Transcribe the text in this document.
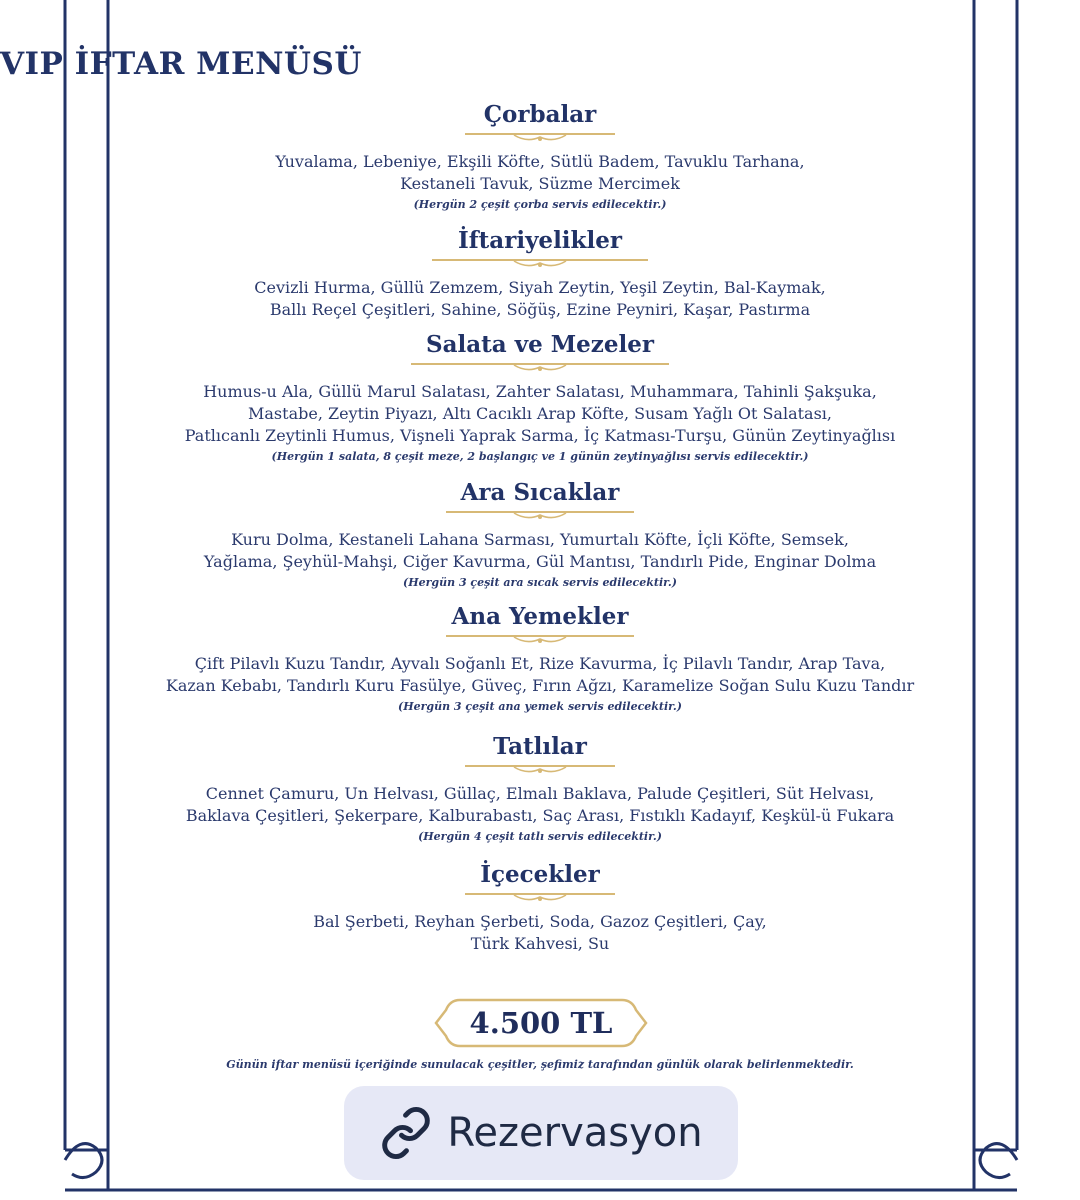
VIP İFTAR MENÜSÜ
Çorbalar
Yuvalama, Lebeniye, Ekşili Köfte, Sütlü Badem, Tavuklu Tarhana,
Kestaneli Tavuk, Süzme Mercimek
(Hergün 2 çeşit çorba servis edilecektir.)
İftariyelikler
Cevizli Hurma, Güllü Zemzem, Siyah Zeytin, Yeşil Zeytin, Bal-Kaymak,
Ballı Reçel Çeşitleri, Sahine, Söğüş, Ezine Peyniri, Kaşar, Pastırma
Salata ve Mezeler
Humus-u Ala, Güllü Marul Salatası, Zahter Salatası, Muhammara, Tahinli Şakşuka,
Mastabe, Zeytin Piyazı, Altı Cacıklı Arap Köfte, Susam Yağlı Ot Salatası,
Patlıcanlı Zeytinli Humus, Vişneli Yaprak Sarma, İç Katması-Turşu, Günün Zeytinyağlısı
(Hergün 1 salata, 8 çeşit meze, 2 başlangıç ve 1 günün zeytinyağlısı servis edilecektir.)
Ara Sıcaklar
Kuru Dolma, Kestaneli Lahana Sarması, Yumurtalı Köfte, İçli Köfte, Semsek,
Yağlama, Şeyhül-Mahşi, Ciğer Kavurma, Gül Mantısı, Tandırlı Pide, Enginar Dolma
(Hergün 3 çeşit ara sıcak servis edilecektir.)
Ana Yemekler
Çift Pilavlı Kuzu Tandır, Ayvalı Soğanlı Et, Rize Kavurma, İç Pilavlı Tandır, Arap Tava,
Kazan Kebabı, Tandırlı Kuru Fasülye, Güveç, Fırın Ağzı, Karamelize Soğan Sulu Kuzu Tandır
(Hergün 3 çeşit ana yemek servis edilecektir.)
Tatlılar
Cennet Çamuru, Un Helvası, Güllaç, Elmalı Baklava, Palude Çeşitleri, Süt Helvası,
Baklava Çeşitleri, Şekerpare, Kalburabastı, Saç Arası, Fıstıklı Kadayıf, Keşkül-ü Fukara
(Hergün 4 çeşit tatlı servis edilecektir.)
İçecekler
Bal Şerbeti, Reyhan Şerbeti, Soda, Gazoz Çeşitleri, Çay,
Türk Kahvesi, Su
4.500 TL
Günün iftar menüsü içeriğinde sunulacak çeşitler, şefimiz tarafından günlük olarak belirlenmektedir.
Rezervasyon
